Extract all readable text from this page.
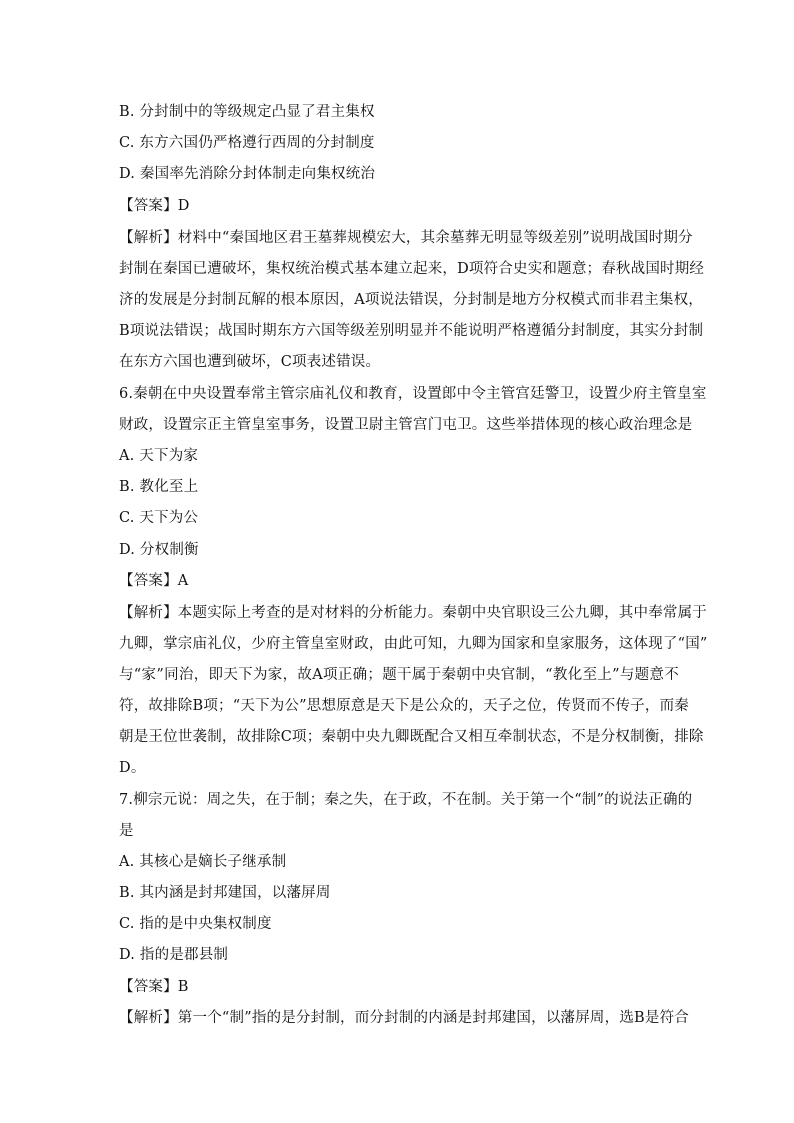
B. 分封制中的等级规定凸显了君主集权
C. 东方六国仍严格遵行西周的分封制度
D. 秦国率先消除分封体制走向集权统治
【答案】D
【解析】材料中“秦国地区君王墓葬规模宏大，其余墓葬无明显等级差别”说明战国时期分
封制在秦国已遭破坏，集权统治模式基本建立起来，D项符合史实和题意；春秋战国时期经
济的发展是分封制瓦解的根本原因，A项说法错误，分封制是地方分权模式而非君主集权，
B项说法错误；战国时期东方六国等级差别明显并不能说明严格遵循分封制度，其实分封制
在东方六国也遭到破坏，C项表述错误。
6.秦朝在中央设置奉常主管宗庙礼仪和教育，设置郎中令主管宫廷警卫，设置少府主管皇室
财政，设置宗正主管皇室事务，设置卫尉主管宫门屯卫。这些举措体现的核心政治理念是
A. 天下为家
B. 教化至上
C. 天下为公
D. 分权制衡
【答案】A
【解析】本题实际上考查的是对材料的分析能力。秦朝中央官职设三公九卿，其中奉常属于
九卿，掌宗庙礼仪，少府主管皇室财政，由此可知，九卿为国家和皇家服务，这体现了“国”
与“家”同治，即天下为家，故A项正确；题干属于秦朝中央官制，“教化至上”与题意不
符，故排除B项；“天下为公”思想原意是天下是公众的，天子之位，传贤而不传子，而秦
朝是王位世袭制，故排除C项；秦朝中央九卿既配合又相互牵制状态，不是分权制衡，排除
D。
7.柳宗元说：周之失，在于制；秦之失，在于政，不在制。关于第一个“制”的说法正确的
是
A. 其核心是嫡长子继承制
B. 其内涵是封邦建国，以藩屏周
C. 指的是中央集权制度
D. 指的是郡县制
【答案】B
【解析】第一个“制”指的是分封制，而分封制的内涵是封邦建国，以藩屏周，选B是符合
